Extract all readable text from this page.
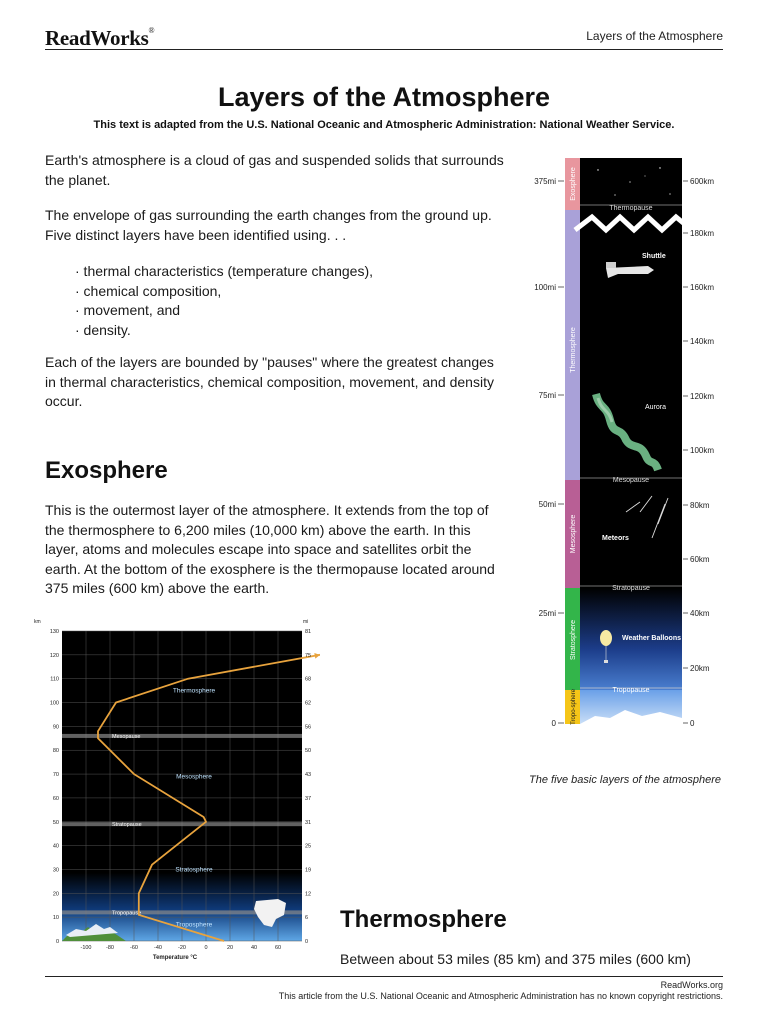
ReadWorks®	Layers of the Atmosphere
Layers of the Atmosphere
This text is adapted from the U.S. National Oceanic and Atmospheric Administration: National Weather Service.

Earth's atmosphere is a cloud of gas and suspended solids that surrounds the planet.

The envelope of gas surrounding the earth changes from the ground up. Five distinct layers have been identified using. . .

· thermal characteristics (temperature changes),
· chemical composition,
· movement, and
· density.

Each of the layers are bounded by "pauses" where the greatest changes in thermal characteristics, chemical composition, movement, and density occur.

Exosphere

This is the outermost layer of the atmosphere. It extends from the top of the thermosphere to 6,200 miles (10,000 km) above the earth. In this layer, atoms and molecules escape into space and satellites orbit the earth. At the bottom of the exosphere is the thermopause located around 375 miles (600 km) above the earth.

Exosphere
Thermosphere
Mesosphere
Stratosphere
Tropo-sphere
Thermopause
Mesopause
Stratopause
Tropopause
Shuttle
Aurora
Meteors
Weather Balloons
375mi
100mi
75mi
50mi
25mi
0
600km
180km
160km
140km
120km
100km
80km
60km
40km
20km
0
The five basic layers of the atmosphere
km	mi
Tropopause
Stratopause
Mesopause
Troposphere
Stratosphere
Mesosphere
Thermosphere
0	0
10	6
20	12
30	19
40	25
50	31
60	37
70	43
80	50
90	56
100	62
110	68
120	75
130	81
-100	-80	-60	-40	-20	0	20	40	60
Temperature °C
Thermosphere

Between about 53 miles (85 km) and 375 miles (600 km)

ReadWorks.org
This article from the U.S. National Oceanic and Atmospheric Administration has no known copyright restrictions.
